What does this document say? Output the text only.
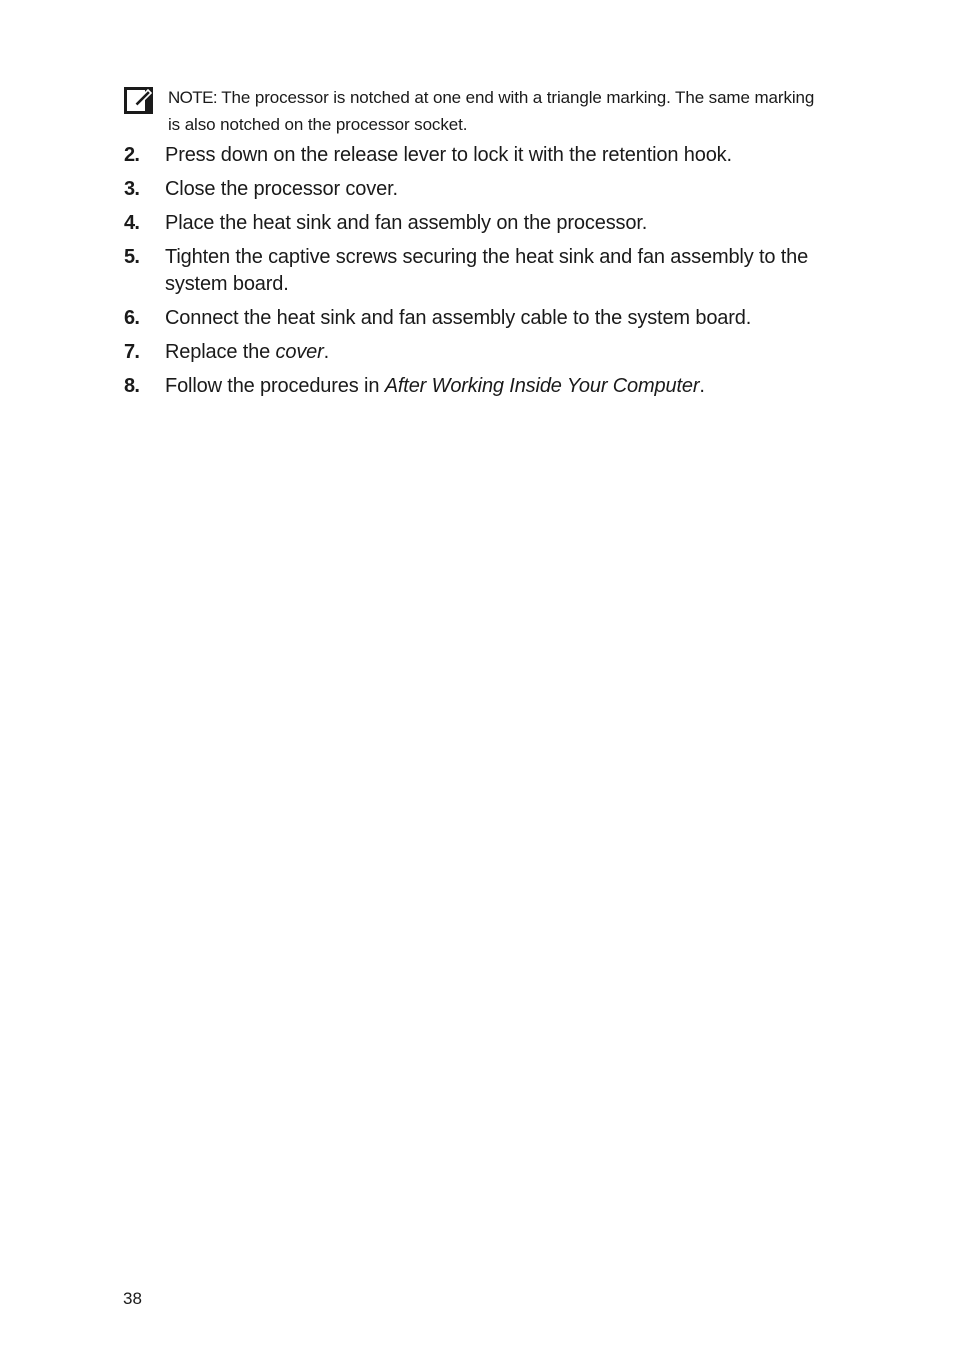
NOTE: The processor is notched at one end with a triangle marking. The same marking is also notched on the processor socket.
2. Press down on the release lever to lock it with the retention hook.
3. Close the processor cover.
4. Place the heat sink and fan assembly on the processor.
5. Tighten the captive screws securing the heat sink and fan assembly to the system board.
6. Connect the heat sink and fan assembly cable to the system board.
7. Replace the cover.
8. Follow the procedures in After Working Inside Your Computer.
38
